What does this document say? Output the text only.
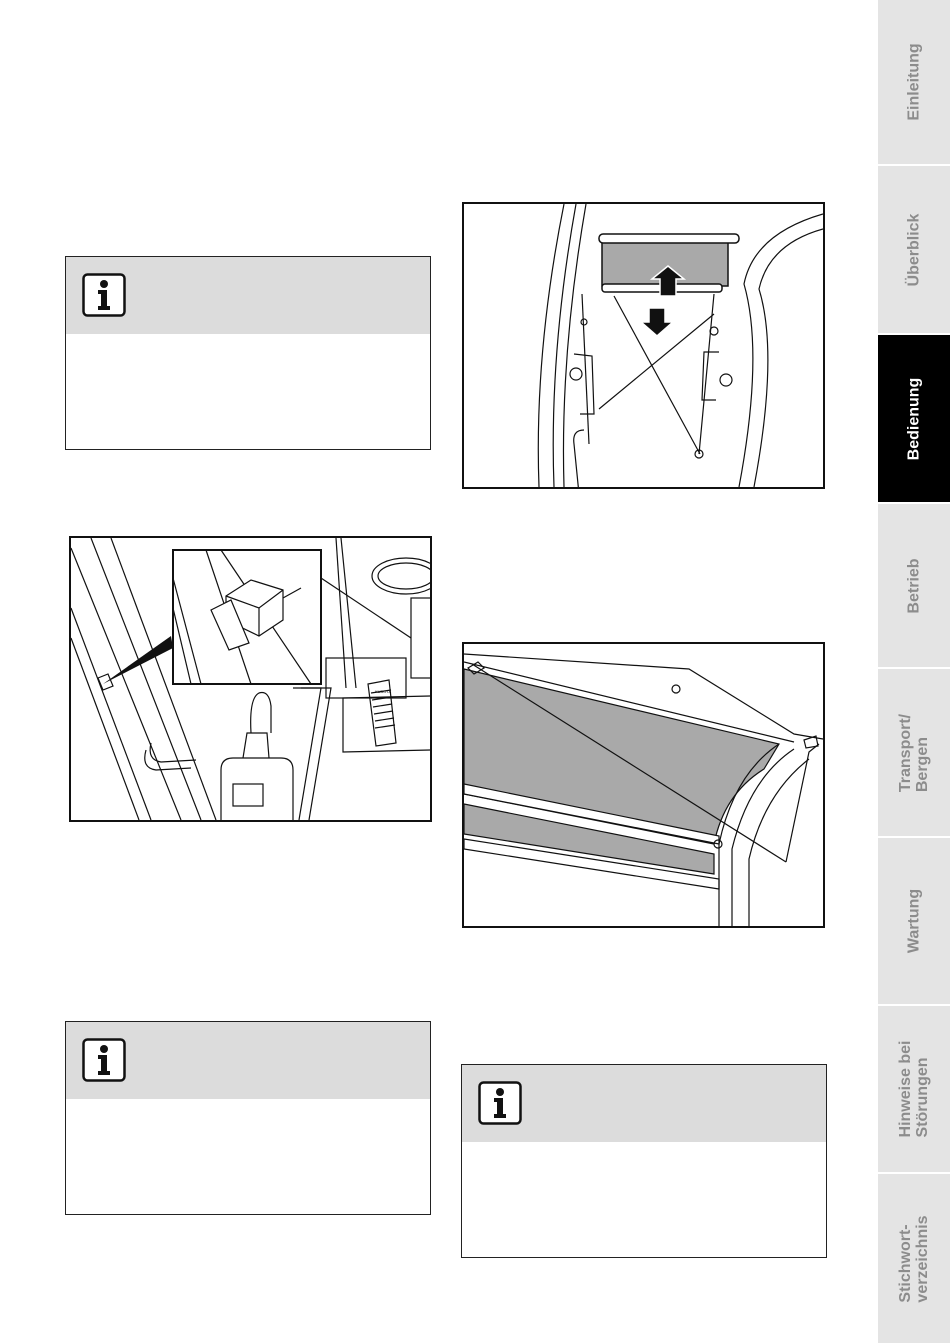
KUBOTA
Einleitung
Überblick
Bedienung
Betrieb
Transport/
Bergen
Wartung
Hinweise bei
Störungen
Stichwort-
verzeichnis
